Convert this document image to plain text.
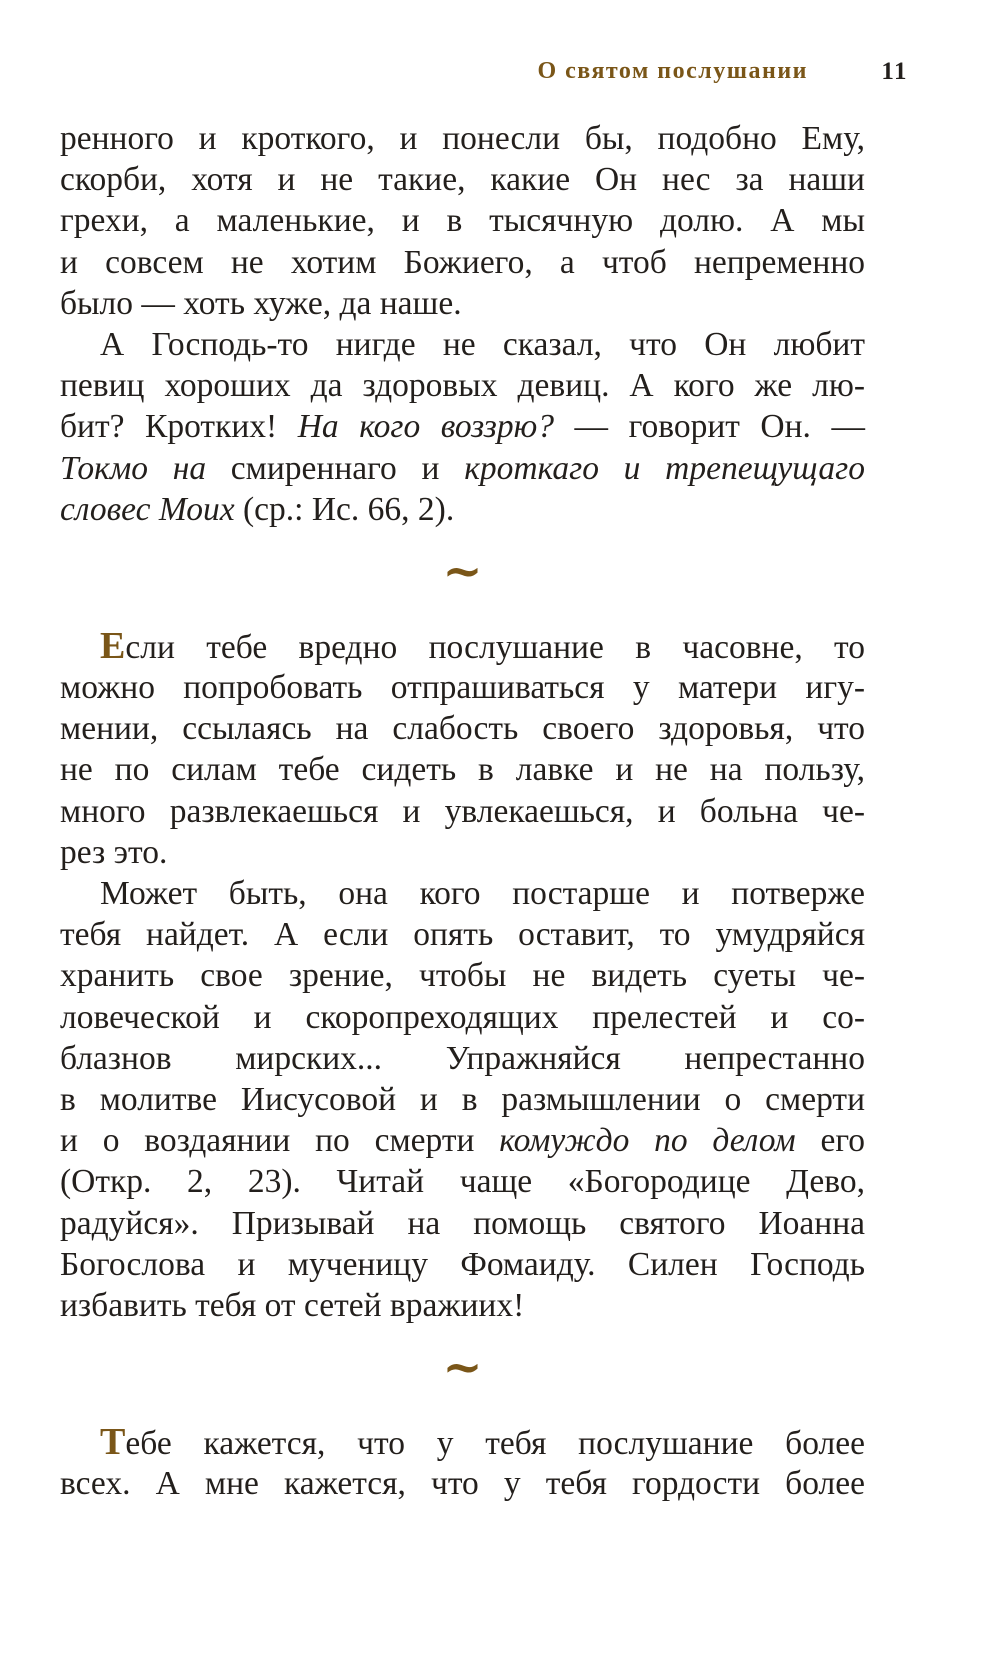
О святом послушании	11
ренного и кроткого, и понесли бы, подобно Ему,
скорби, хотя и не такие, какие Он нес за наши
грехи, а маленькие, и в тысячную долю. А мы
и совсем не хотим Божиего, а чтоб непременно
было — хоть хуже, да наше.
А Господь-то нигде не сказал, что Он любит
певиц хороших да здоровых девиц. А кого же лю-
бит? Кротких! На кого воззрю? — говорит Он. —
Токмо на смиреннаго и кроткаго и трепещущаго
словес Моих (ср.: Ис. 66, 2).
~
Если тебе вредно послушание в часовне, то
можно попробовать отпрашиваться у матери игу-
мении, ссылаясь на слабость своего здоровья, что
не по силам тебе сидеть в лавке и не на пользу,
много развлекаешься и увлекаешься, и больна че-
рез это.
Может быть, она кого постарше и потверже
тебя найдет. А если опять оставит, то умудряйся
хранить свое зрение, чтобы не видеть суеты че-
ловеческой и скоропреходящих прелестей и со-
блазнов мирских... Упражняйся непрестанно
в молитве Иисусовой и в размышлении о смерти
и о воздаянии по смерти комуждо по делом его
(Откр. 2, 23). Читай чаще «Богородице Дево,
радуйся». Призывай на помощь святого Иоанна
Богослова и мученицу Фомаиду. Силен Господь
избавить тебя от сетей вражиих!
~
Тебе кажется, что у тебя послушание более
всех. А мне кажется, что у тебя гордости более
